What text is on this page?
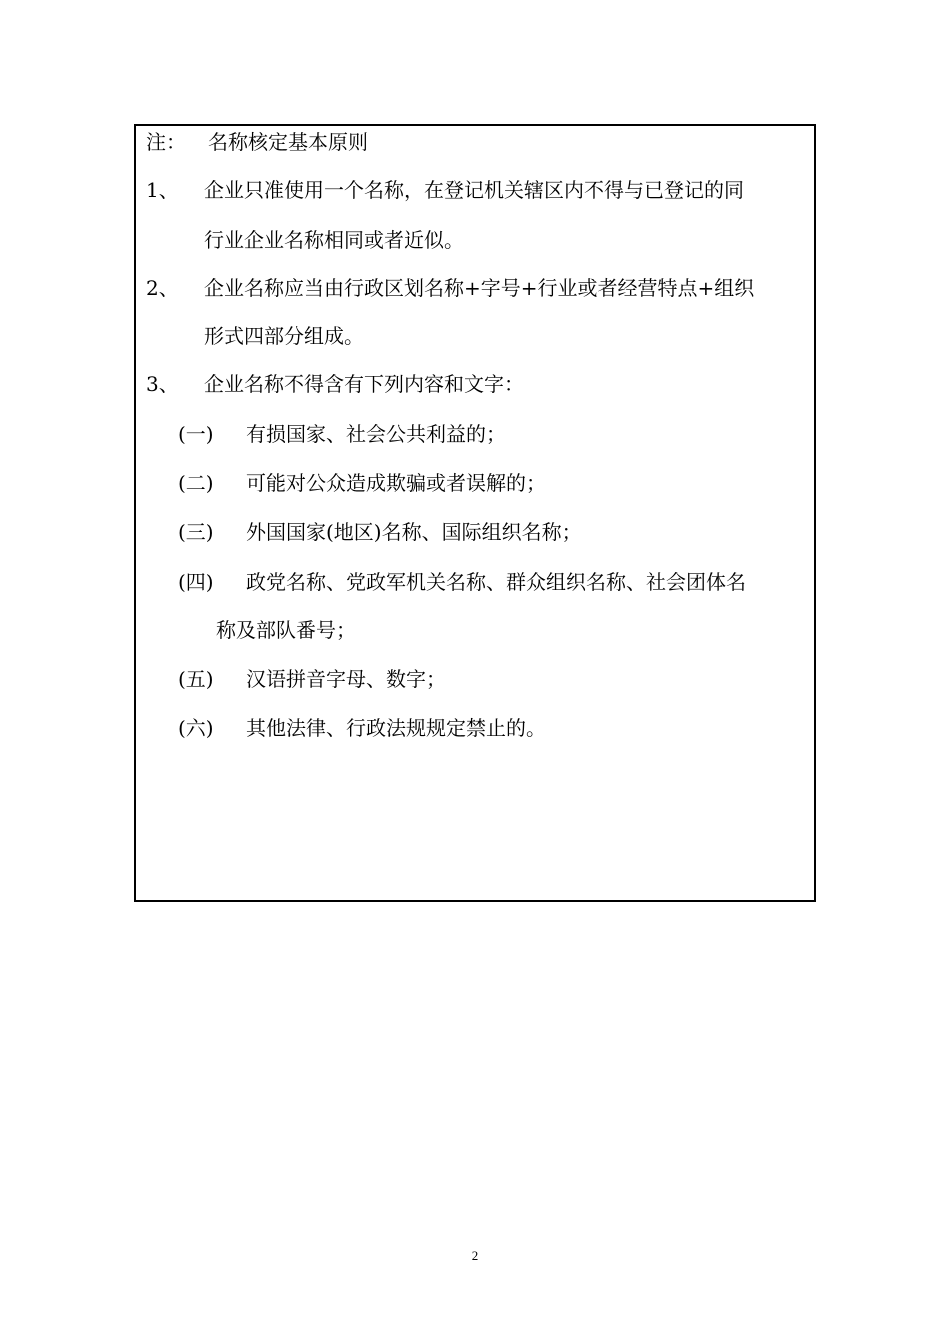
注： 名称核定基本原则
1、 企业只准使用一个名称，在登记机关辖区内不得与已登记的同
行业企业名称相同或者近似。
2、 企业名称应当由行政区划名称+字号+行业或者经营特点+组织
形式四部分组成。
3、 企业名称不得含有下列内容和文字：
(一) 有损国家、社会公共利益的；
(二) 可能对公众造成欺骗或者误解的；
(三) 外国国家(地区)名称、国际组织名称；
(四) 政党名称、党政军机关名称、群众组织名称、社会团体名
称及部队番号；
(五) 汉语拼音字母、数字；
(六) 其他法律、行政法规规定禁止的。
2
